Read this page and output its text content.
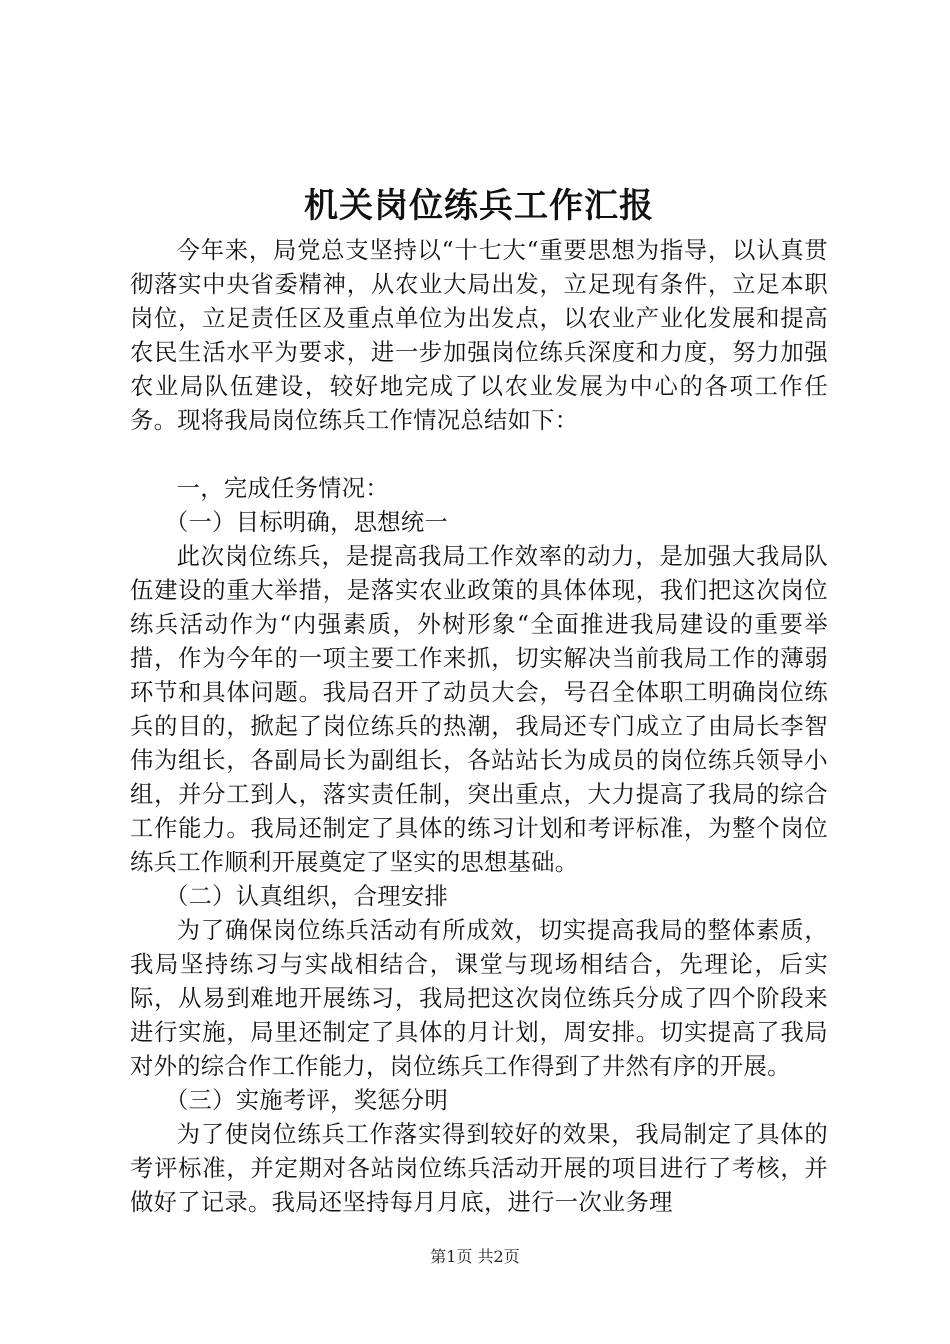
机关岗位练兵工作汇报

今年来，局党总支坚持以“十七大“重要思想为指导，以认真贯彻落实中央省委精神，从农业大局出发，立足现有条件，立足本职岗位，立足责任区及重点单位为出发点，以农业产业化发展和提高农民生活水平为要求，进一步加强岗位练兵深度和力度，努力加强农业局队伍建设，较好地完成了以农业发展为中心的各项工作任务。现将我局岗位练兵工作情况总结如下：

一，完成任务情况：

（一）目标明确，思想统一

此次岗位练兵，是提高我局工作效率的动力，是加强大我局队伍建设的重大举措，是落实农业政策的具体体现，我们把这次岗位练兵活动作为“内强素质，外树形象“全面推进我局建设的重要举措，作为今年的一项主要工作来抓，切实解决当前我局工作的薄弱环节和具体问题。我局召开了动员大会，号召全体职工明确岗位练兵的目的，掀起了岗位练兵的热潮，我局还专门成立了由局长李智伟为组长，各副局长为副组长，各站站长为成员的岗位练兵领导小组，并分工到人，落实责任制，突出重点，大力提高了我局的综合工作能力。我局还制定了具体的练习计划和考评标准，为整个岗位练兵工作顺利开展奠定了坚实的思想基础。

（二）认真组织，合理安排

为了确保岗位练兵活动有所成效，切实提高我局的整体素质，我局坚持练习与实战相结合，课堂与现场相结合，先理论，后实际，从易到难地开展练习，我局把这次岗位练兵分成了四个阶段来进行实施，局里还制定了具体的月计划，周安排。切实提高了我局对外的综合作工作能力，岗位练兵工作得到了井然有序的开展。

（三）实施考评，奖惩分明

为了使岗位练兵工作落实得到较好的效果，我局制定了具体的考评标准，并定期对各站岗位练兵活动开展的项目进行了考核，并做好了记录。我局还坚持每月月底，进行一次业务理

第1页 共2页
